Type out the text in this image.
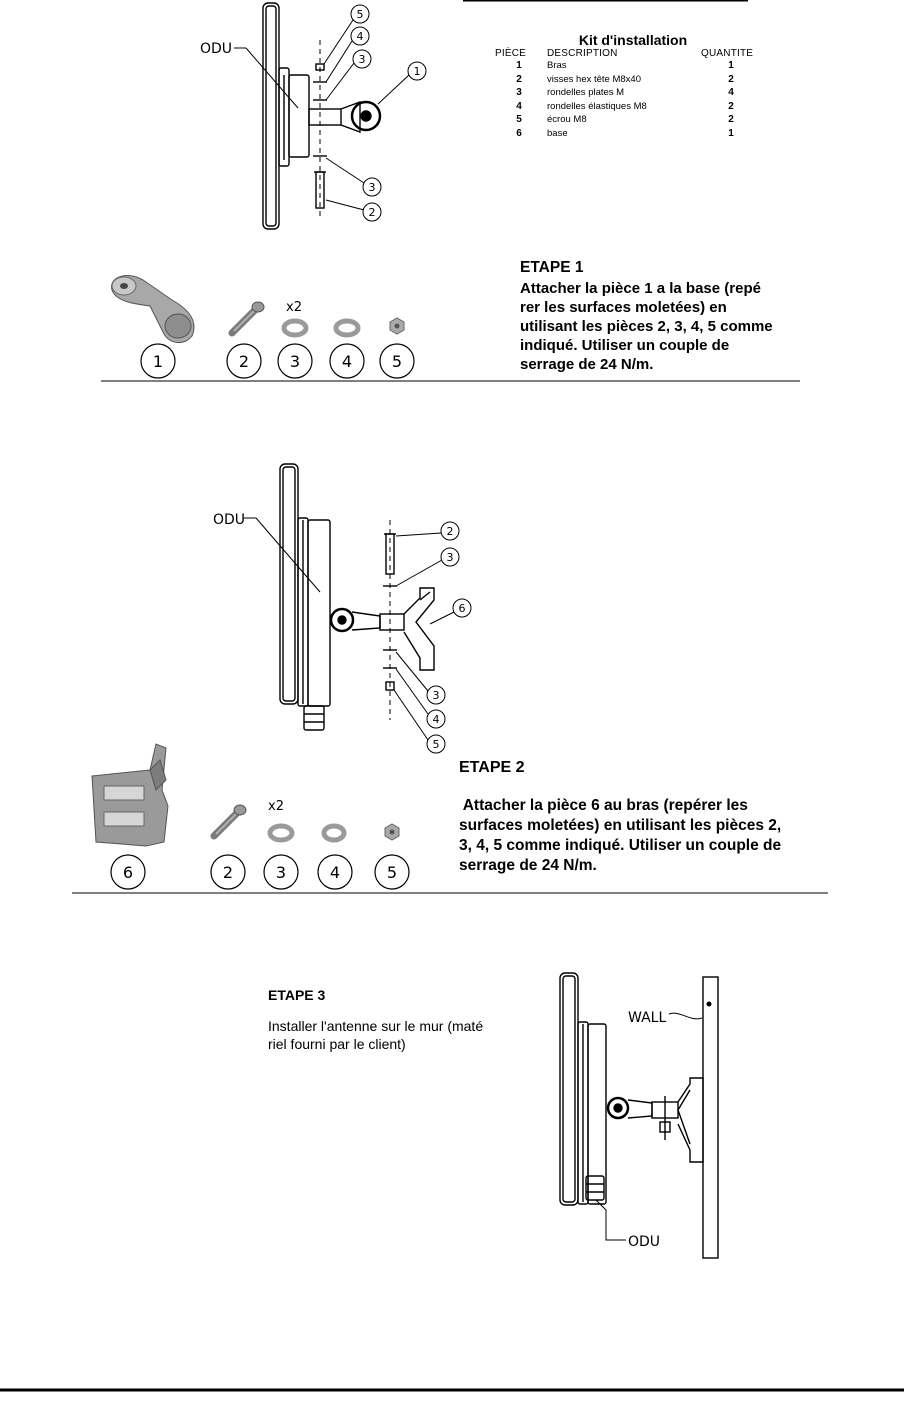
5
4
3
1
3
2
ODU
1	2	3	4 5
x2
2
3
6
3
4
5
ODU
6	2	3	4	5
x2
WALL
ODU
Kit d'installation
PIÈCE	DESCRIPTION	QUANTITE
1	Bras	1
2	visses hex tête M8x40	2
3	rondelles plates M	4
4	rondelles élastiques M8	2
5	écrou M8	2
6	base	1
ETAPE 1
Attacher la pièce 1 a la base (repé
rer les surfaces moletées) en
utilisant les pièces 2, 3, 4, 5 comme
indiqué. Utiliser un couple de
serrage de 24 N/m.
ETAPE 2
Attacher la pièce 6 au bras (repérer les
surfaces moletées) en utilisant les pièces 2,
3, 4, 5 comme indiqué. Utiliser un couple de
serrage de 24 N/m.
ETAPE 3
Installer l'antenne sur le mur (maté
riel fourni par le client)
